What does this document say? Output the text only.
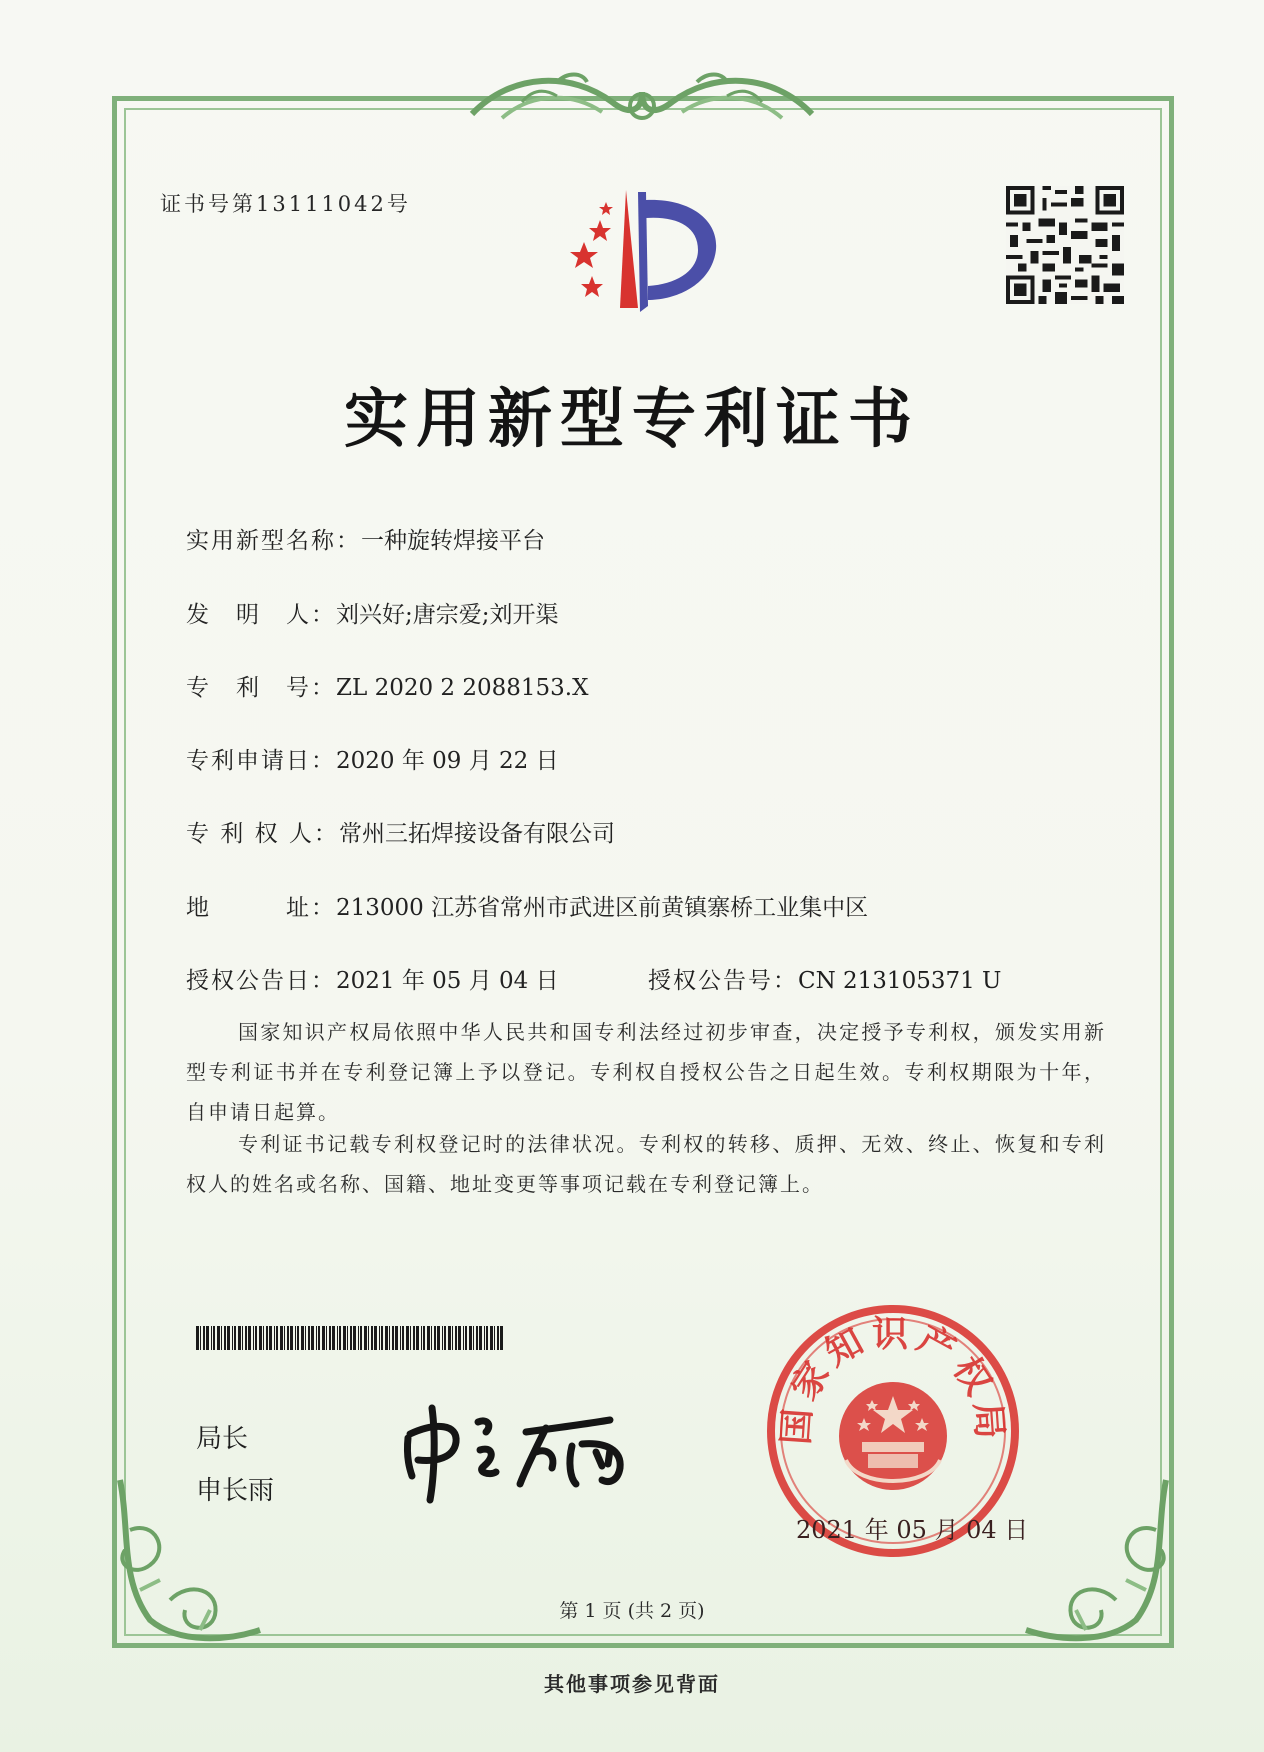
证书号第13111042号
实用新型专利证书
实用新型名称：一种旋转焊接平台
发　明　人：刘兴好;唐宗爱;刘开渠
专　利　号：ZL 2020 2 2088153.X
专利申请日：2020 年 09 月 22 日
专 利 权 人：常州三拓焊接设备有限公司
地　　　址：213000 江苏省常州市武进区前黄镇寨桥工业集中区
授权公告日：2021 年 05 月 04 日	授权公告号：CN 213105371 U
国家知识产权局依照中华人民共和国专利法经过初步审查，决定授予专利权，颁发实用新型专利证书并在专利登记簿上予以登记。专利权自授权公告之日起生效。专利权期限为十年，自申请日起算。
专利证书记载专利权登记时的法律状况。专利权的转移、质押、无效、终止、恢复和专利权人的姓名或名称、国籍、地址变更等事项记载在专利登记簿上。
局长
申长雨
国家知识产权局
2021 年 05 月 04 日
第 1 页 (共 2 页)
其他事项参见背面
